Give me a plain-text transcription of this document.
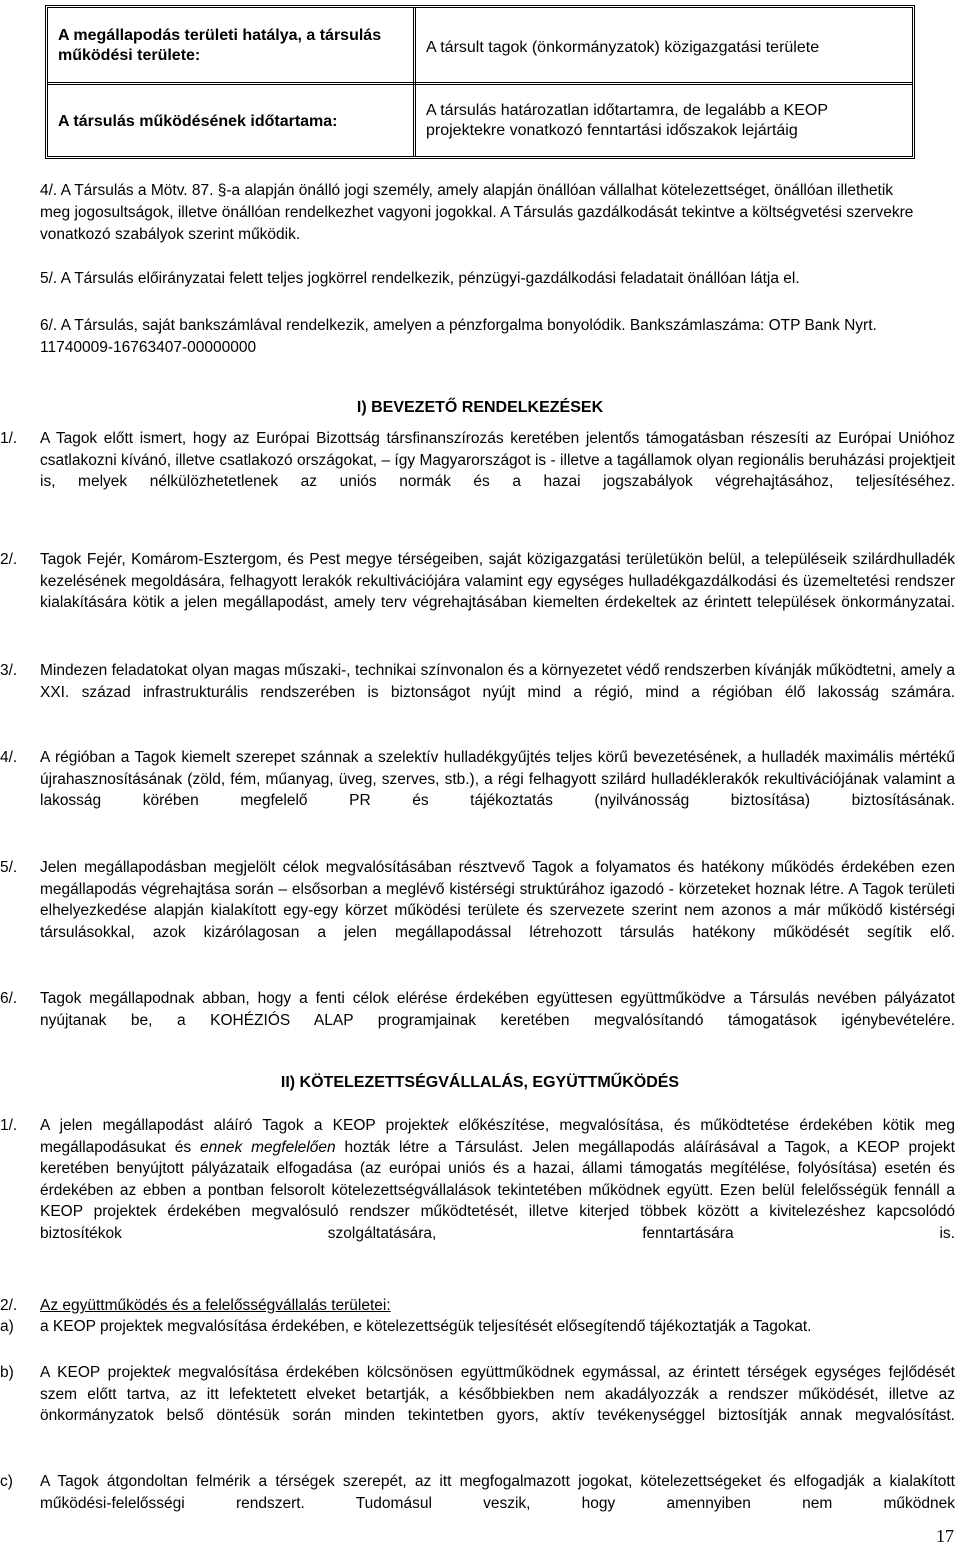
A megállapodás területi hatálya, a társulás működési területe:	A társult tagok (önkormányzatok) közigazgatási területe
A társulás működésének időtartama:
A társulás határozatlan időtartamra, de legalább a KEOP projektekre vonatkozó fenntartási időszakok lejártáig
4/. A Társulás a Mötv. 87. §-a alapján önálló jogi személy, amely alapján önállóan vállalhat kötelezettséget, önállóan illethetik meg jogosultságok, illetve önállóan rendelkezhet vagyoni jogokkal. A Társulás gazdálkodását tekintve a költségvetési szervekre vonatkozó szabályok szerint működik.
5/. A Társulás előirányzatai felett teljes jogkörrel rendelkezik, pénzügyi-gazdálkodási feladatait önállóan látja el.
6/. A Társulás, saját bankszámlával rendelkezik, amelyen a pénzforgalma bonyolódik. Bankszámlaszáma: OTP Bank Nyrt. 11740009-16763407-00000000
I) BEVEZETŐ RENDELKEZÉSEK
1/. A Tagok előtt ismert, hogy az Európai Bizottság társfinanszírozás keretében jelentős támogatásban részesíti az Európai Unióhoz csatlakozni kívánó, illetve csatlakozó országokat, – így Magyarországot is - illetve a tagállamok olyan regionális beruházási projektjeit is, melyek nélkülözhetetlenek az uniós normák és a hazai jogszabályok végrehajtásához, teljesítéséhez.
2/. Tagok Fejér, Komárom-Esztergom, és Pest megye térségeiben, saját közigazgatási területükön belül, a településeik szilárdhulladék kezelésének megoldására, felhagyott lerakók rekultivációjára valamint egy egységes hulladékgazdálkodási és üzemeltetési rendszer kialakítására kötik a jelen megállapodást, amely terv végrehajtásában kiemelten érdekeltek az érintett települések önkormányzatai.
3/. Mindezen feladatokat olyan magas műszaki-, technikai színvonalon és a környezetet védő rendszerben kívánják működtetni, amely a XXI. század infrastrukturális rendszerében is biztonságot nyújt mind a régió, mind a régióban élő lakosság számára.
4/. A régióban a Tagok kiemelt szerepet szánnak a szelektív hulladékgyűjtés teljes körű bevezetésének, a hulladék maximális mértékű újrahasznosításának (zöld, fém, műanyag, üveg, szerves, stb.), a régi felhagyott szilárd hulladéklerakók rekultivációjának valamint a lakosság körében megfelelő PR és tájékoztatás (nyilvánosság biztosítása) biztosításának.
5/. Jelen megállapodásban megjelölt célok megvalósításában résztvevő Tagok a folyamatos és hatékony működés érdekében ezen megállapodás végrehajtása során – elsősorban a meglévő kistérségi struktúrához igazodó - körzeteket hoznak létre. A Tagok területi elhelyezkedése alapján kialakított egy-egy körzet működési területe és szervezete szerint nem azonos a már működő kistérségi társulásokkal, azok kizárólagosan a jelen megállapodással létrehozott társulás hatékony működését segítik elő.
6/. Tagok megállapodnak abban, hogy a fenti célok elérése érdekében együttesen együttműködve a Társulás nevében pályázatot nyújtanak be, a KOHÉZIÓS ALAP programjainak keretében megvalósítandó támogatások igénybevételére.
II) KÖTELEZETTSÉGVÁLLALÁS, EGYÜTTMŰKÖDÉS
1/. A jelen megállapodást aláíró Tagok a KEOP projektek előkészítése, megvalósítása, és működtetése érdekében kötik meg megállapodásukat és ennek megfelelően hozták létre a Társulást. Jelen megállapodás aláírásával a Tagok, a KEOP projekt keretében benyújtott pályázataik elfogadása (az európai uniós és a hazai, állami támogatás megítélése, folyósítása) esetén és érdekében az ebben a pontban felsorolt kötelezettségvállalások tekintetében működnek együtt. Ezen belül felelősségük fennáll a KEOP projektek érdekében megvalósuló rendszer működtetését, illetve kiterjed többek között a kivitelezéshez kapcsolódó biztosítékok szolgáltatására, fenntartására is.
2/. Az együttműködés és a felelősségvállalás területei:
a) a KEOP projektek megvalósítása érdekében, e kötelezettségük teljesítését elősegítendő tájékoztatják a Tagokat.
b) A KEOP projektek megvalósítása érdekében kölcsönösen együttműködnek egymással, az érintett térségek egységes fejlődését szem előtt tartva, az itt lefektetett elveket betartják, a későbbiekben nem akadályozzák a rendszer működését, illetve az önkormányzatok belső döntésük során minden tekintetben gyors, aktív tevékenységgel biztosítják annak megvalósítást.
c) A Tagok átgondoltan felmérik a térségek szerepét, az itt megfogalmazott jogokat, kötelezettségeket és elfogadják a kialakított működési-felelősségi rendszert. Tudomásul veszik, hogy amennyiben nem működnek
17
